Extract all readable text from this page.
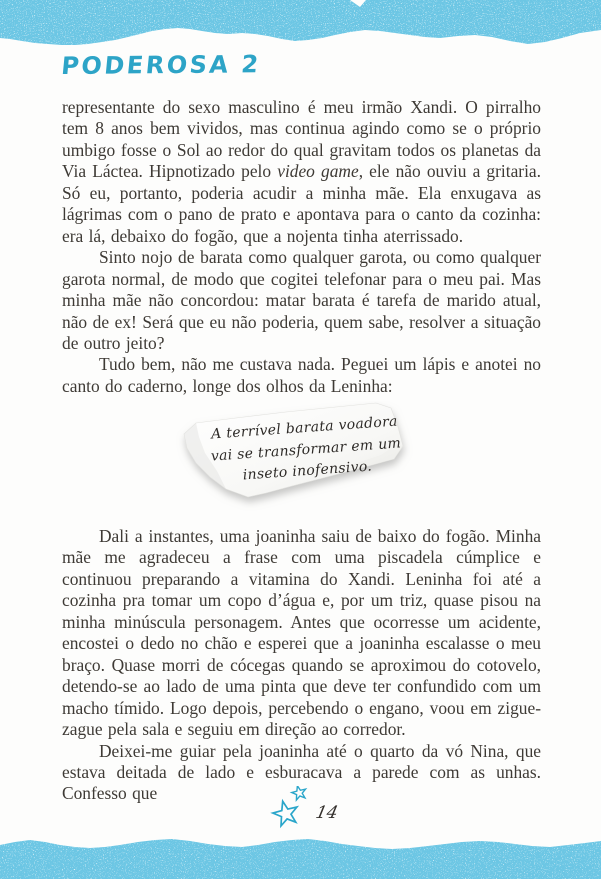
PODEROSA 2

representante do sexo masculino é meu irmão Xandi. O pirralho tem 8 anos bem vividos, mas continua agindo como se o próprio umbigo fosse o Sol ao redor do qual gravitam todos os planetas da Via Láctea. Hipnotizado pelo video game, ele não ouviu a gritaria. Só eu, portanto, poderia acudir a minha mãe. Ela enxugava as lágrimas com o pano de prato e apontava para o canto da cozinha: era lá, debaixo do fogão, que a nojenta tinha aterrissado.

Sinto nojo de barata como qualquer garota, ou como qualquer garota normal, de modo que cogitei telefonar para o meu pai. Mas minha mãe não concordou: matar barata é tarefa de marido atual, não de ex! Será que eu não poderia, quem sabe, resolver a situação de outro jeito?

Tudo bem, não me custava nada. Peguei um lápis e anotei no canto do caderno, longe dos olhos da Leninha:

A terrível barata voadora
vai se transformar em um
inseto inofensivo.

Dali a instantes, uma joaninha saiu de baixo do fogão. Minha mãe me agradeceu a frase com uma piscadela cúmplice e continuou preparando a vitamina do Xandi. Leninha foi até a cozinha pra tomar um copo d’água e, por um triz, quase pisou na minha minúscula personagem. Antes que ocorresse um acidente, encostei o dedo no chão e esperei que a joaninha escalasse o meu braço. Quase morri de cócegas quando se aproximou do cotovelo, detendo-se ao lado de uma pinta que deve ter confundido com um macho tímido. Logo depois, percebendo o engano, voou em zigue-zague pela sala e seguiu em direção ao corredor.

Deixei-me guiar pela joaninha até o quarto da vó Nina, que estava deitada de lado e esburacava a parede com as unhas. Confesso que

14
